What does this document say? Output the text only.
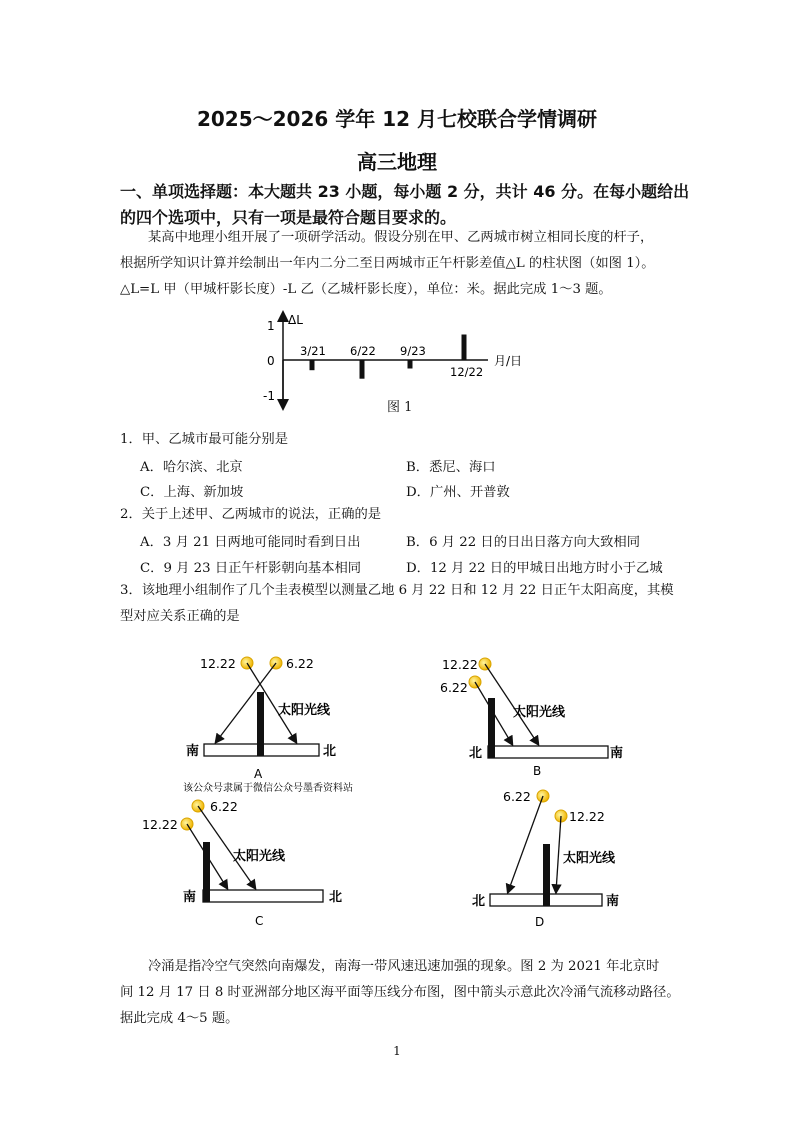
2025～2026 学年 12 月七校联合学情调研
高三地理
一、单项选择题：本大题共 23 小题，每小题 2 分，共计 46 分。在每小题给出
的四个选项中，只有一项是最符合题目要求的。
某高中地理小组开展了一项研学活动。假设分别在甲、乙两城市树立相同长度的杆子，
根据所学知识计算并绘制出一年内二分二至日两城市正午杆影差值△L 的柱状图（如图 1）。
△L=L 甲（甲城杆影长度）-L 乙（乙城杆影长度），单位：米。据此完成 1～3 题。
ΔL
月/日
1
0
-1
3/21 6/22 9/23
12/22
图 1
1．甲、乙城市最可能分别是
A．哈尔滨、北京	B．悉尼、海口
C．上海、新加坡	D．广州、开普敦
2．关于上述甲、乙两城市的说法，正确的是
A．3 月 21 日两地可能同时看到日出	B．6 月 22 日的日出日落方向大致相同
C．9 月 23 日正午杆影朝向基本相同	D．12 月 22 日的甲城日出地方时小于乙城
3．该地理小组制作了几个圭表模型以测量乙地 6 月 22 日和 12 月 22 日正午太阳高度，其模
型对应关系正确的是
12.22	6.22
太阳光线
南	北
A
12.22
6.22
太阳光线
北	南
B
该公众号隶属于微信公众号墨香资料站
6.22
12.22
太阳光线
南	北
C
6.22
12.22
太阳光线
北	南
D
冷涌是指冷空气突然向南爆发，南海一带风速迅速加强的现象。图 2 为 2021 年北京时
间 12 月 17 日 8 时亚洲部分地区海平面等压线分布图，图中箭头示意此次冷涌气流移动路径。
据此完成 4～5 题。
1
